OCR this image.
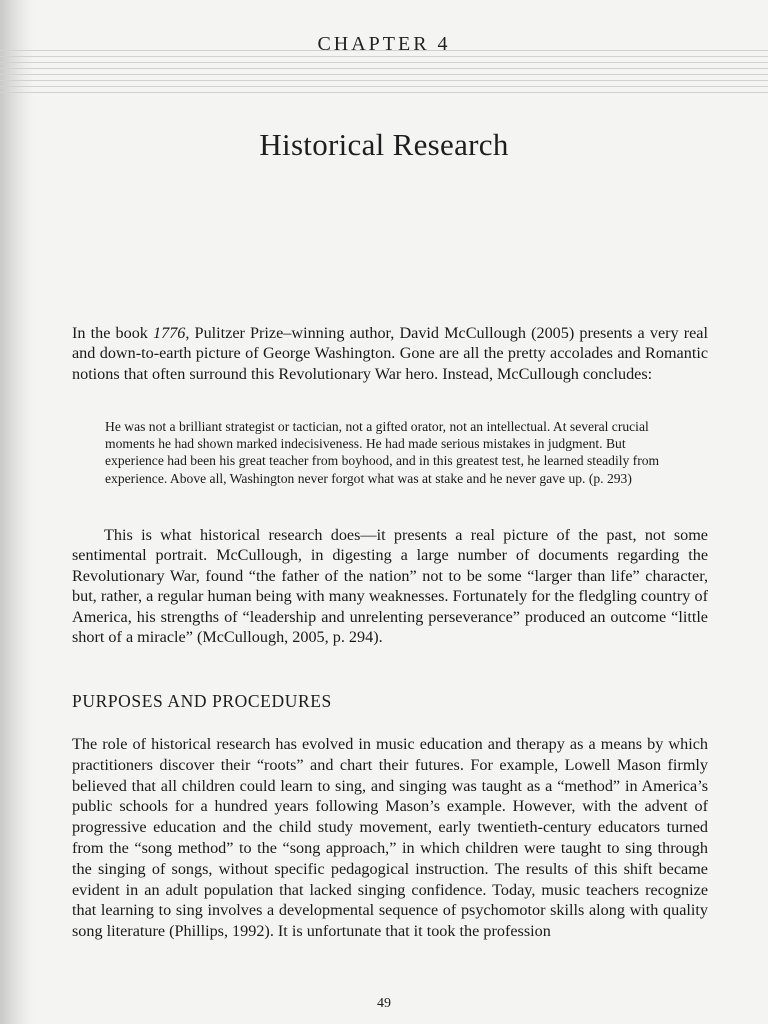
CHAPTER 4
Historical Research

In the book 1776, Pulitzer Prize–winning author, David McCullough (2005) presents a very real and down-to-earth picture of George Washington. Gone are all the pretty accolades and Romantic notions that often surround this Revolutionary War hero. Instead, McCullough concludes:

He was not a brilliant strategist or tactician, not a gifted orator, not an intellectual. At several crucial moments he had shown marked indecisiveness. He had made serious mistakes in judgment. But experience had been his great teacher from boyhood, and in this greatest test, he learned steadily from experience. Above all, Washington never forgot what was at stake and he never gave up. (p. 293)

This is what historical research does—it presents a real picture of the past, not some sentimental portrait. McCullough, in digesting a large number of documents regarding the Revolutionary War, found “the father of the nation” not to be some “larger than life” character, but, rather, a regular human being with many weaknesses. Fortunately for the fledgling country of America, his strengths of “leadership and unrelenting perseverance” produced an outcome “little short of a miracle” (McCullough, 2005, p. 294).

PURPOSES AND PROCEDURES

The role of historical research has evolved in music education and therapy as a means by which practitioners discover their “roots” and chart their futures. For example, Lowell Mason firmly believed that all children could learn to sing, and singing was taught as a “method” in America’s public schools for a hundred years following Mason’s example. However, with the advent of progressive education and the child study movement, early twentieth-century educators turned from the “song method” to the “song approach,” in which children were taught to sing through the singing of songs, without specific pedagogical instruction. The results of this shift became evident in an adult population that lacked singing confidence. Today, music teachers recognize that learning to sing involves a developmental sequence of psychomotor skills along with quality song literature (Phillips, 1992). It is unfortunate that it took the profession

49
